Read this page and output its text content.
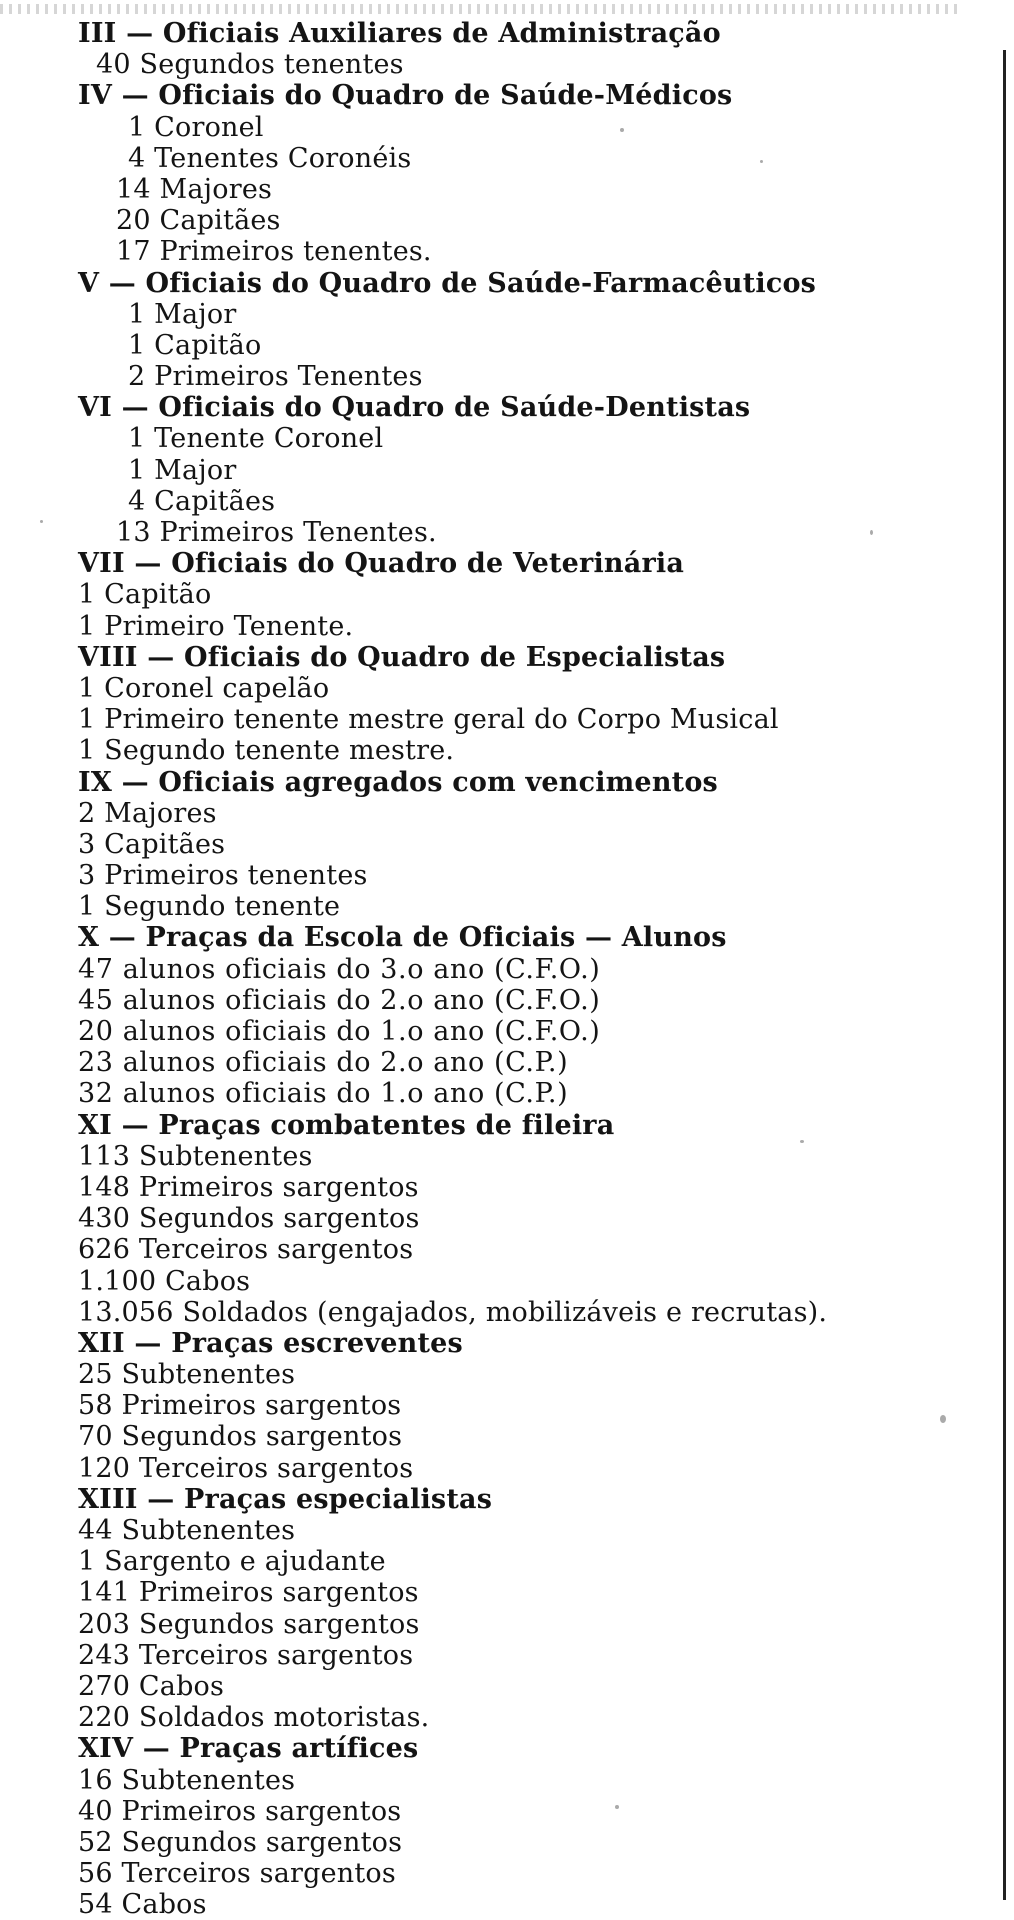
III — Oficiais Auxiliares de Administração
40 Segundos tenentes
IV — Oficiais do Quadro de Saúde-Médicos
1 Coronel
4 Tenentes Coronéis
14 Majores
20 Capitães
17 Primeiros tenentes.
V — Oficiais do Quadro de Saúde-Farmacêuticos
1 Major
1 Capitão
2 Primeiros Tenentes
VI — Oficiais do Quadro de Saúde-Dentistas
1 Tenente Coronel
1 Major
4 Capitães
13 Primeiros Tenentes.
VII — Oficiais do Quadro de Veterinária
1 Capitão
1 Primeiro Tenente.
VIII — Oficiais do Quadro de Especialistas
1 Coronel capelão
1 Primeiro tenente mestre geral do Corpo Musical
1 Segundo tenente mestre.
IX — Oficiais agregados com vencimentos
2 Majores
3 Capitães
3 Primeiros tenentes
1 Segundo tenente
X — Praças da Escola de Oficiais — Alunos
47 alunos oficiais do 3.o ano (C.F.O.)
45 alunos oficiais do 2.o ano (C.F.O.)
20 alunos oficiais do 1.o ano (C.F.O.)
23 alunos oficiais do 2.o ano (C.P.)
32 alunos oficiais do 1.o ano (C.P.)
XI — Praças combatentes de fileira
113 Subtenentes
148 Primeiros sargentos
430 Segundos sargentos
626 Terceiros sargentos
1.100 Cabos
13.056 Soldados (engajados, mobilizáveis e recrutas).
XII — Praças escreventes
25 Subtenentes
58 Primeiros sargentos
70 Segundos sargentos
120 Terceiros sargentos
XIII — Praças especialistas
44 Subtenentes
1 Sargento e ajudante
141 Primeiros sargentos
203 Segundos sargentos
243 Terceiros sargentos
270 Cabos
220 Soldados motoristas.
XIV — Praças artífices
16 Subtenentes
40 Primeiros sargentos
52 Segundos sargentos
56 Terceiros sargentos
54 Cabos
